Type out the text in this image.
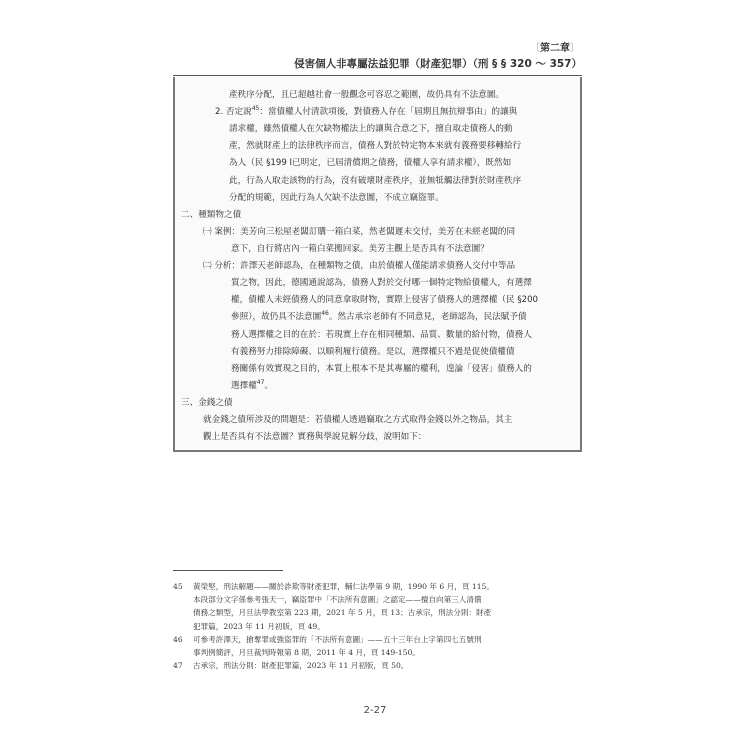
〔第二章〕
侵害個人非專屬法益犯罪（財產犯罪）（刑 § § 320 ～ 357）
產秩序分配，且已超越社會一般觀念可容忍之範圍，故仍具有不法意圖。
2. 否定說$^{45}$：當債權人付清款項後，對債務人存在「屆期且無抗辯事由」的讓與
請求權，雖然債權人在欠缺物權法上的讓與合意之下，擅自取走債務人的動
產，然就財產上的法律秩序而言，債務人對於特定物本來就有義務要移轉給行
為人（民 §199 Ⅰ已明定，已屆清償期之債務，債權人享有請求權），既然如
此，行為人取走該物的行為，沒有破壞財產秩序，並無牴觸法律對於財產秩序
分配的規範，因此行為人欠缺不法意圖，不成立竊盜罪。
二、種類物之債
㈠ 案例：美芳向三松屋老闆訂購一箱白菜，然老闆遲未交付，美芳在未經老闆的同
意下，自行將店內一箱白菜搬回家。美芳主觀上是否具有不法意圖？
㈡ 分析：許澤天老師認為，在種類物之債，由於債權人僅能請求債務人交付中等品
質之物，因此，德國通說認為，債務人對於交付哪一個特定物給債權人，有選擇
權，債權人未經債務人的同意拿取財物，實際上侵害了債務人的選擇權（民 §200
參照），故仍具不法意圖$^{46}$。然古承宗老師有不同意見，老師認為，民法賦予債
務人選擇權之目的在於：若現實上存在相同種類、品質、數量的給付物，債務人
有義務努力排除障礙、以順利履行債務。是以，選擇權只不過是促使債權債
務關係有效實現之目的，本質上根本不是其專屬的權利，遑論「侵害」債務人的
選擇權$^{47}$。
三、金錢之債
就金錢之債所涉及的問題是：若債權人透過竊取之方式取得金錢以外之物品，其主
觀上是否具有不法意圖？實務與學說見解分歧，說明如下：
45	黃榮堅，刑法解題——關於詐欺等財產犯罪，輔仁法學第 9 期，1990 年 6 月，頁 115。
本段部分文字係參考張天一，竊盜罪中「不法所有意圖」之認定——擅自向第三人清償
債務之類型，月旦法學教室第 223 期，2021 年 5 月，頁 13；古承宗，刑法分則：財產
犯罪篇，2023 年 11 月初版，頁 49。
46	可參考許澤天，搶奪罪或強盜罪的「不法所有意圖」——五十三年台上字第四七五號刑
事判例簡評，月旦裁判時報第 8 期，2011 年 4 月，頁 149-150。
47	古承宗，刑法分則：財產犯罪篇，2023 年 11 月初版，頁 50。
2-27
